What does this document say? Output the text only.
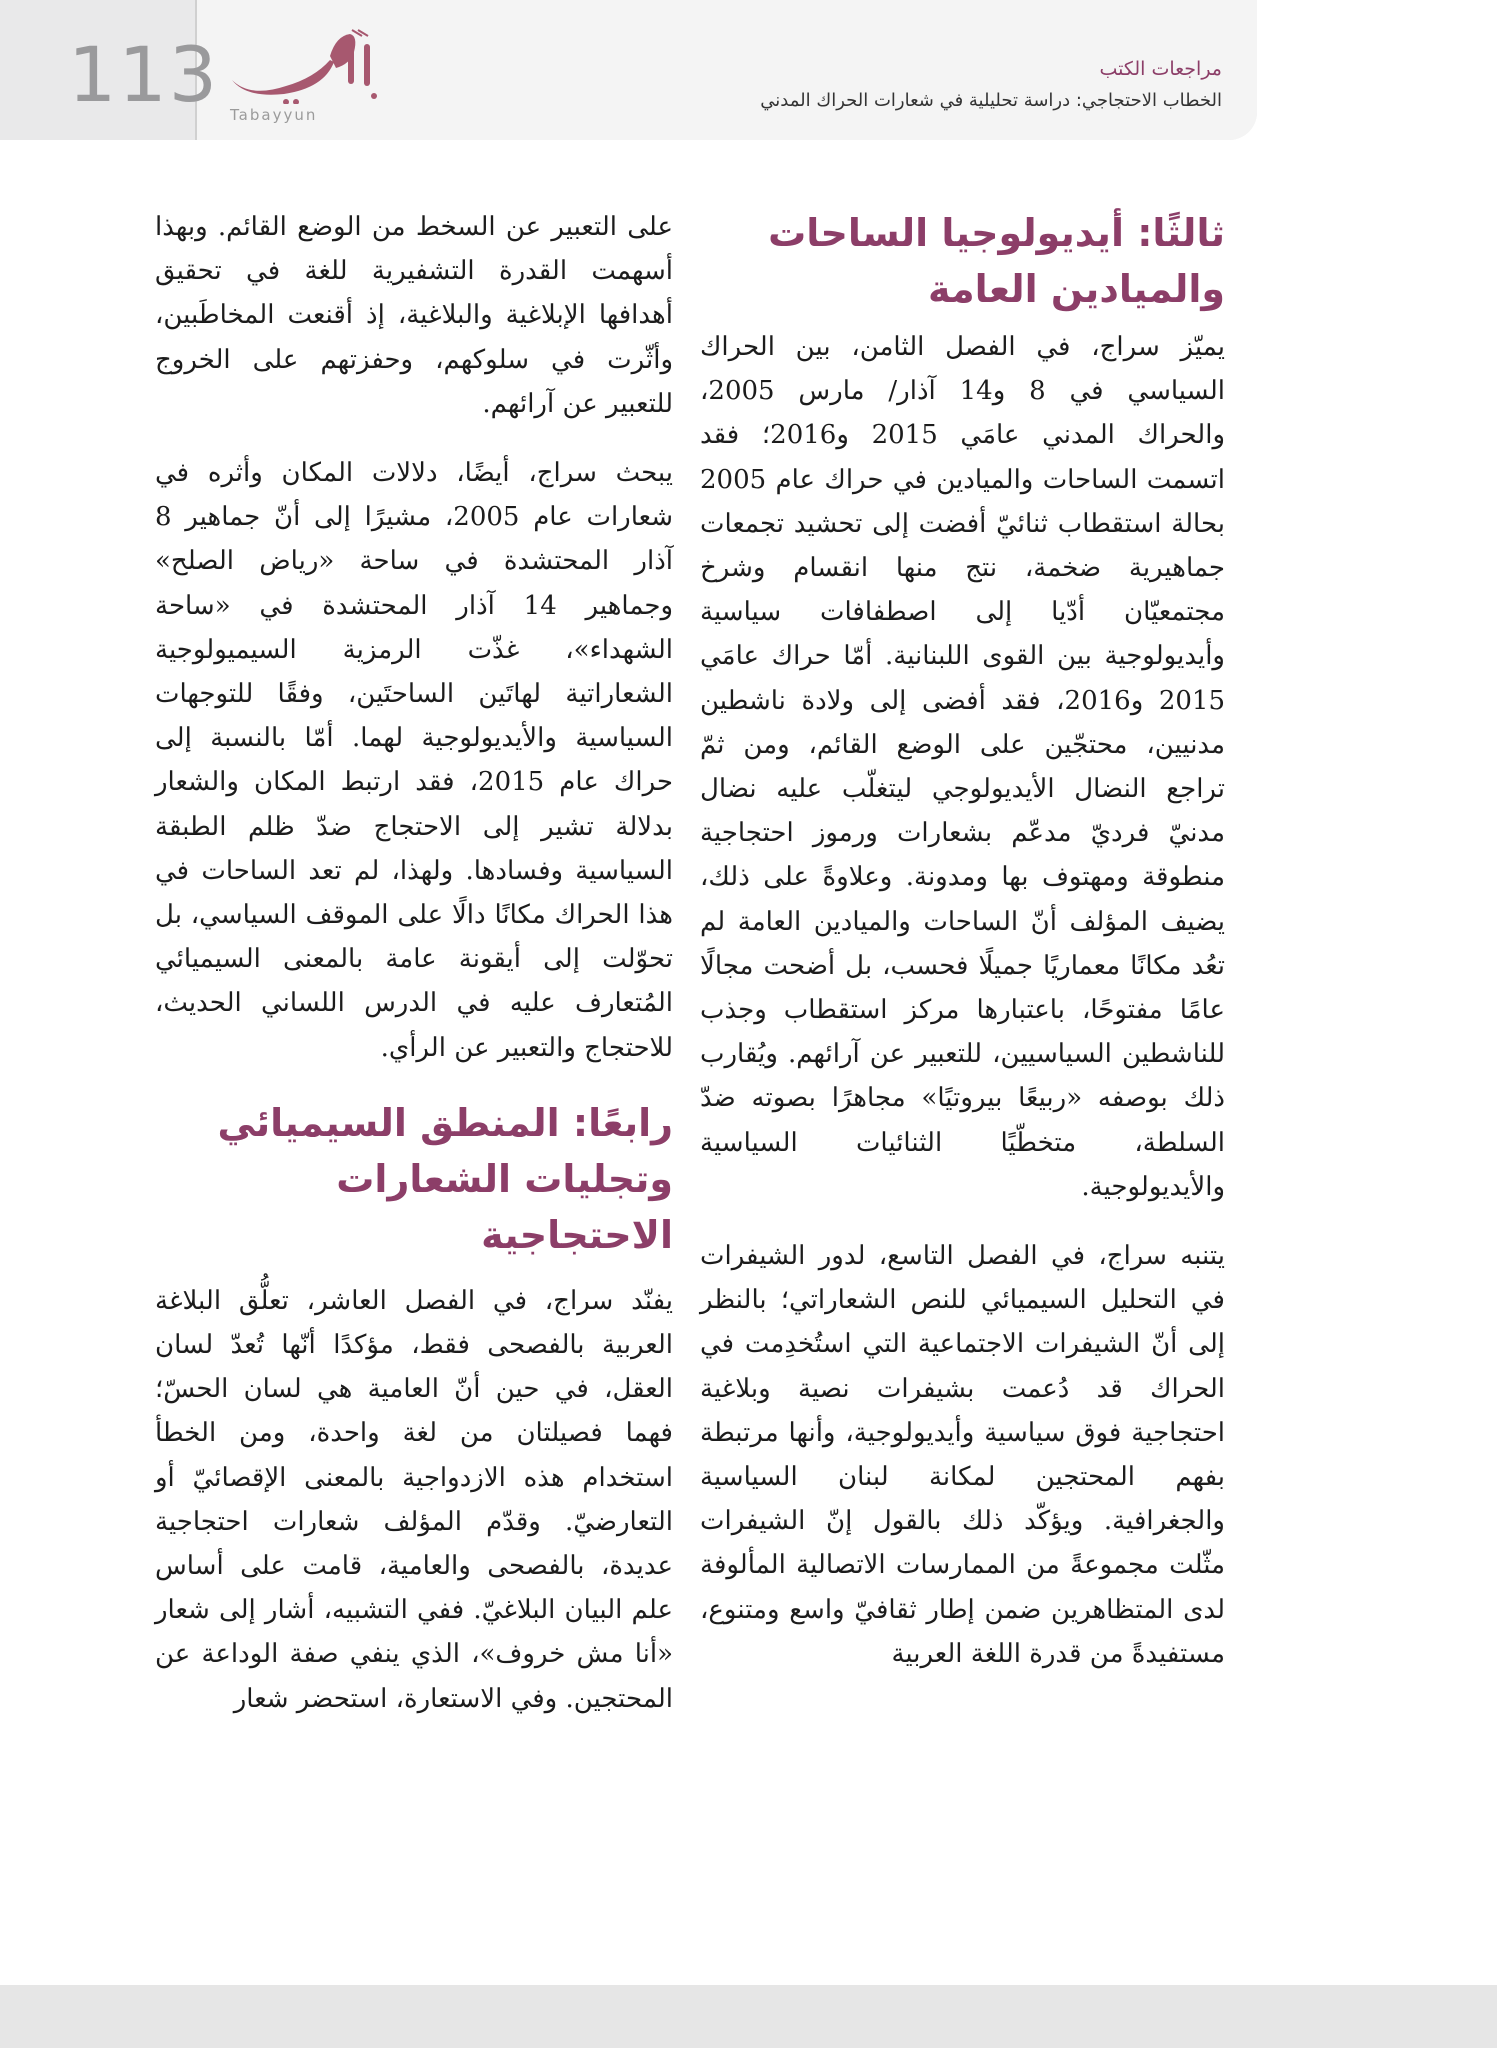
113 Tabayyun
مراجعات الكتب
الخطاب الاحتجاجي: دراسة تحليلية في شعارات الحراك المدني
ثالثًا: أيديولوجيا الساحات والميادين العامة

يميّز سراج، في الفصل الثامن، بين الحراك السياسي في 8 و14 آذار/ مارس 2005، والحراك المدني عامَي 2015 و2016؛ فقد اتسمت الساحات والميادين في حراك عام 2005 بحالة استقطاب ثنائيّ أفضت إلى تحشيد تجمعات جماهيرية ضخمة، نتج منها انقسام وشرخ مجتمعيّان أدّيا إلى اصطفافات سياسية وأيديولوجية بين القوى اللبنانية. أمّا حراك عامَي 2015 و2016، فقد أفضى إلى ولادة ناشطين مدنيين، محتجّين على الوضع القائم، ومن ثمّ تراجع النضال الأيديولوجي ليتغلّب عليه نضال مدنيّ فرديّ مدعّم بشعارات ورموز احتجاجية منطوقة ومهتوف بها ومدونة. وعلاوةً على ذلك، يضيف المؤلف أنّ الساحات والميادين العامة لم تعُد مكانًا معماريًا جميلًا فحسب، بل أضحت مجالًا عامًا مفتوحًا، باعتبارها مركز استقطاب وجذب للناشطين السياسيين، للتعبير عن آرائهم. ويُقارب ذلك بوصفه «ربيعًا بيروتيًا» مجاهرًا بصوته ضدّ السلطة، متخطّيًا الثنائيات السياسية والأيديولوجية.

يتنبه سراج، في الفصل التاسع، لدور الشيفرات في التحليل السيميائي للنص الشعاراتي؛ بالنظر إلى أنّ الشيفرات الاجتماعية التي استُخدِمت في الحراك قد دُعمت بشيفرات نصية وبلاغية احتجاجية فوق سياسية وأيديولوجية، وأنها مرتبطة بفهم المحتجين لمكانة لبنان السياسية والجغرافية. ويؤكّد ذلك بالقول إنّ الشيفرات مثّلت مجموعةً من الممارسات الاتصالية المألوفة لدى المتظاهرين ضمن إطار ثقافيّ واسع ومتنوع، مستفيدةً من قدرة اللغة العربية

على التعبير عن السخط من الوضع القائم. وبهذا أسهمت القدرة التشفيرية للغة في تحقيق أهدافها الإبلاغية والبلاغية، إذ أقنعت المخاطَبين، وأثّرت في سلوكهم، وحفزتهم على الخروج للتعبير عن آرائهم.

يبحث سراج، أيضًا، دلالات المكان وأثره في شعارات عام 2005، مشيرًا إلى أنّ جماهير 8 آذار المحتشدة في ساحة «رياض الصلح» وجماهير 14 آذار المحتشدة في «ساحة الشهداء»، غذّت الرمزية السيميولوجية الشعاراتية لهاتَين الساحتَين، وفقًا للتوجهات السياسية والأيديولوجية لهما. أمّا بالنسبة إلى حراك عام 2015، فقد ارتبط المكان والشعار بدلالة تشير إلى الاحتجاج ضدّ ظلم الطبقة السياسية وفسادها. ولهذا، لم تعد الساحات في هذا الحراك مكانًا دالًا على الموقف السياسي، بل تحوّلت إلى أيقونة عامة بالمعنى السيميائي المُتعارف عليه في الدرس اللساني الحديث، للاحتجاج والتعبير عن الرأي.

رابعًا: المنطق السيميائي وتجليات الشعارات الاحتجاجية

يفنّد سراج، في الفصل العاشر، تعلُّق البلاغة العربية بالفصحى فقط، مؤكدًا أنّها تُعدّ لسان العقل، في حين أنّ العامية هي لسان الحسّ؛ فهما فصيلتان من لغة واحدة، ومن الخطأ استخدام هذه الازدواجية بالمعنى الإقصائيّ أو التعارضيّ. وقدّم المؤلف شعارات احتجاجية عديدة، بالفصحى والعامية، قامت على أساس علم البيان البلاغيّ. ففي التشبيه، أشار إلى شعار «أنا مش خروف»، الذي ينفي صفة الوداعة عن المحتجين. وفي الاستعارة، استحضر شعار
